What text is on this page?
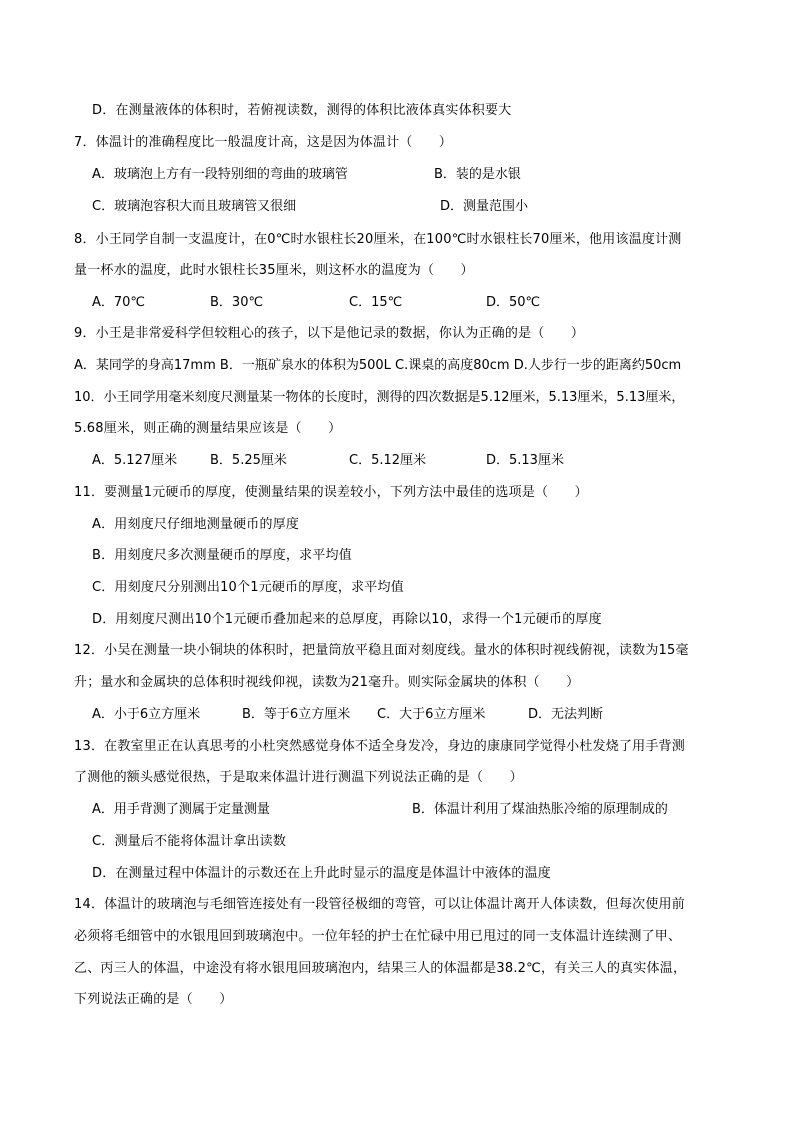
D．在测量液体的体积时，若俯视读数，测得的体积比液体真实体积要大
7．体温计的准确程度比一般温度计高，这是因为体温计（　　）
A．玻璃泡上方有一段特别细的弯曲的玻璃管	B．装的是水银
C．玻璃泡容积大而且玻璃管又很细	D．测量范围小
8．小王同学自制一支温度计，在0℃时水银柱长20厘米，在100℃时水银柱长70厘米，他用该温度计测
量一杯水的温度，此时水银柱长35厘米，则这杯水的温度为（　　）
A．70℃	B．30℃	C．15℃	D．50℃
9．小王是非常爱科学但较粗心的孩子，以下是他记录的数据，你认为正确的是（　　）
A．某同学的身高17mm B．一瓶矿泉水的体积为500L C.课桌的高度80cm D.人步行一步的距离约50cm
10．小王同学用毫米刻度尺测量某一物体的长度时，测得的四次数据是5.12厘米，5.13厘米，5.13厘米，
5.68厘米，则正确的测量结果应该是（　　）
A．5.127厘米	B．5.25厘米	C．5.12厘米	D．5.13厘米
11．要测量1元硬币的厚度，使测量结果的误差较小，下列方法中最佳的选项是（　　）
A．用刻度尺仔细地测量硬币的厚度
B．用刻度尺多次测量硬币的厚度，求平均值
C．用刻度尺分别测出10个1元硬币的厚度，求平均值
D．用刻度尺测出10个1元硬币叠加起来的总厚度，再除以10，求得一个1元硬币的厚度
12．小吴在测量一块小铜块的体积时，把量筒放平稳且面对刻度线。量水的体积时视线俯视，读数为15毫
升；量水和金属块的总体积时视线仰视，读数为21毫升。则实际金属块的体积（　　）
A．小于6立方厘米	B．等于6立方厘米 C．大于6立方厘米	D．无法判断
13．在教室里正在认真思考的小杜突然感觉身体不适全身发冷，身边的康康同学觉得小杜发烧了用手背测
了测他的额头感觉很热，于是取来体温计进行测温下列说法正确的是（　　）
A．用手背测了测属于定量测量	B．体温计利用了煤油热胀冷缩的原理制成的
C．测量后不能将体温计拿出读数
D．在测量过程中体温计的示数还在上升此时显示的温度是体温计中液体的温度
14．体温计的玻璃泡与毛细管连接处有一段管径极细的弯管，可以让体温计离开人体读数，但每次使用前
必须将毛细管中的水银甩回到玻璃泡中。一位年轻的护士在忙碌中用已甩过的同一支体温计连续测了甲、
乙、丙三人的体温，中途没有将水银甩回玻璃泡内，结果三人的体温都是38.2℃，有关三人的真实体温，
下列说法正确的是（　　）
